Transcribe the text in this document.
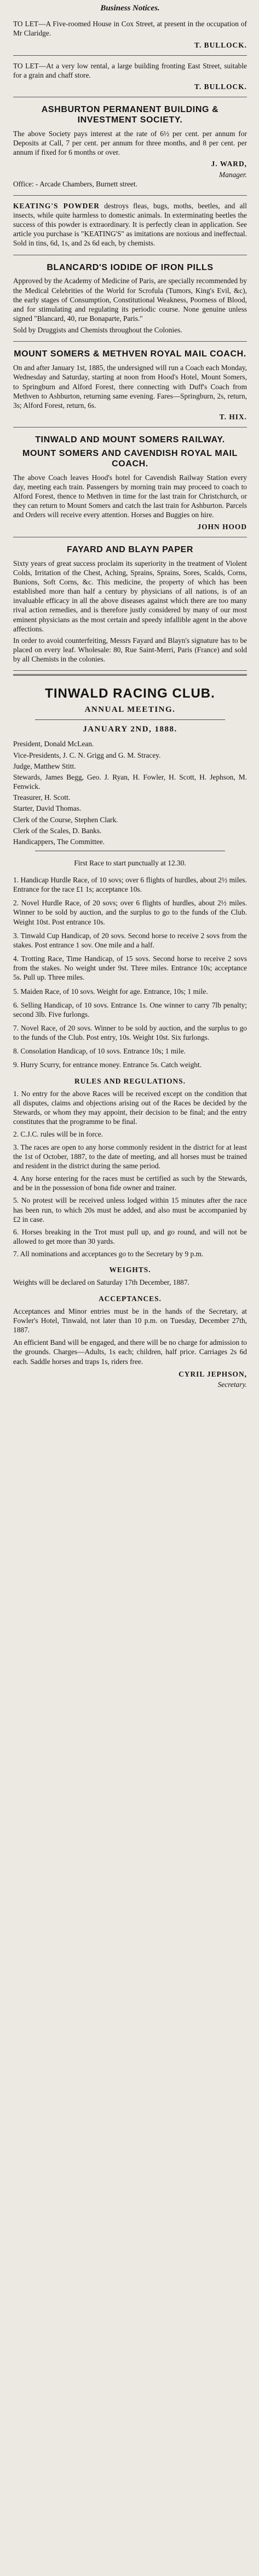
Business Notices.

TO LET—A Five-roomed House in Cox Street, at present in the occupation of Mr Claridge.

T. BULLOCK.

TO LET—At a very low rental, a large building fronting East Street, suitable for a grain and chaff store.

T. BULLOCK.
ASHBURTON PERMANENT BUILDING & INVESTMENT SOCIETY.

The above Society pays interest at the rate of 6½ per cent. per annum for Deposits at Call, 7 per cent. per annum for three months, and 8 per cent. per annum if fixed for 6 months or over.

J. WARD,
Manager.

Office: - Arcade Chambers, Burnett street.

KEATING'S POWDER destroys fleas, bugs, moths, beetles, and all insects, while quite harmless to domestic animals. In exterminating beetles the success of this powder is extraordinary. It is perfectly clean in application. See article you purchase is "KEATING'S" as imitations are noxious and ineffectual. Sold in tins, 6d, 1s, and 2s 6d each, by chemists.

BLANCARD'S IODIDE OF IRON PILLS

Approved by the Academy of Medicine of Paris, are specially recommended by the Medical Celebrities of the World for Scrofula (Tumors, King's Evil, &c), the early stages of Consumption, Constitutional Weakness, Poorness of Blood, and for stimulating and regulating its periodic course. None genuine unless signed "Blancard, 40, rue Bonaparte, Paris."

Sold by Druggists and Chemists throughout the Colonies.

MOUNT SOMERS & METHVEN ROYAL MAIL COACH.

On and after January 1st, 1885, the undersigned will run a Coach each Monday, Wednesday and Saturday, starting at noon from Hood's Hotel, Mount Somers, to Springburn and Alford Forest, there connecting with Duff's Coach from Methven to Ashburton, returning same evening. Fares—Springburn, 2s, return, 3s; Alford Forest, return, 6s.

T. HIX.
TINWALD AND MOUNT SOMERS RAILWAY.
MOUNT SOMERS AND CAVENDISH ROYAL MAIL COACH.

The above Coach leaves Hood's hotel for Cavendish Railway Station every day, meeting each train. Passengers by morning train may proceed to coach to Alford Forest, thence to Methven in time for the last train for Christchurch, or they can return to Mount Somers and catch the last train for Ashburton. Parcels and Orders will receive every attention. Horses and Buggies on hire.

JOHN HOOD
FAYARD AND BLAYN PAPER

Sixty years of great success proclaim its superiority in the treatment of Violent Colds, Irritation of the Chest, Aching, Sprains, Sprains, Sores, Scalds, Corns, Bunions, Soft Corns, &c. This medicine, the property of which has been established more than half a century by physicians of all nations, is of an invaluable efficacy in all the above diseases against which there are too many rival action remedies, and is therefore justly considered by many of our most eminent physicians as the most certain and speedy infallible agent in the above affections.

In order to avoid counterfeiting, Messrs Fayard and Blayn's signature has to be placed on every leaf. Wholesale: 80, Rue Saint-Merri, Paris (France) and sold by all Chemists in the colonies.

TINWALD RACING CLUB.
ANNUAL MEETING.
JANUARY 2ND, 1888.

President, Donald McLean.

Vice-Presidents, J. C. N. Grigg and G. M. Stracey.

Judge, Matthew Stitt.

Stewards, James Begg, Geo. J. Ryan, H. Fowler, H. Scott, H. Jephson, M. Fenwick.

Treasurer, H. Scott.

Starter, David Thomas.

Clerk of the Course, Stephen Clark.

Clerk of the Scales, D. Banks.

Handicappers, The Committee.

First Race to start punctually at 12.30.

1. Handicap Hurdle Race, of 10 sovs; over 6 flights of hurdles, about 2½ miles. Entrance for the race £1 1s; acceptance 10s.

2. Novel Hurdle Race, of 20 sovs; over 6 flights of hurdles, about 2½ miles. Winner to be sold by auction, and the surplus to go to the funds of the Club. Weight 10st. Post entrance 10s.

3. Tinwald Cup Handicap, of 20 sovs. Second horse to receive 2 sovs from the stakes. Post entrance 1 sov. One mile and a half.

4. Trotting Race, Time Handicap, of 15 sovs. Second horse to receive 2 sovs from the stakes. No weight under 9st. Three miles. Entrance 10s; acceptance 5s. Pull up. Three miles.

5. Maiden Race, of 10 sovs. Weight for age. Entrance, 10s; 1 mile.

6. Selling Handicap, of 10 sovs. Entrance 1s. One winner to carry 7lb penalty; second 3lb. Five furlongs.

7. Novel Race, of 20 sovs. Winner to be sold by auction, and the surplus to go to the funds of the Club. Post entry, 10s. Weight 10st. Six furlongs.

8. Consolation Handicap, of 10 sovs. Entrance 10s; 1 mile.

9. Hurry Scurry, for entrance money. Entrance 5s. Catch weight.

RULES AND REGULATIONS.

1. No entry for the above Races will be received except on the condition that all disputes, claims and objections arising out of the Races be decided by the Stewards, or whom they may appoint, their decision to be final; and the entry constitutes that the programme to be final.

2. C.J.C. rules will be in force.

3. The races are open to any horse commonly resident in the district for at least the 1st of October, 1887, to the date of meeting, and all horses must be trained and resident in the district during the same period.

4. Any horse entering for the races must be certified as such by the Stewards, and be in the possession of bona fide owner and trainer.

5. No protest will be received unless lodged within 15 minutes after the race has been run, to which 20s must be added, and also must be accompanied by £2 in case.

6. Horses breaking in the Trot must pull up, and go round, and will not be allowed to get more than 30 yards.

7. All nominations and acceptances go to the Secretary by 9 p.m.

WEIGHTS.

Weights will be declared on Saturday 17th December, 1887.

ACCEPTANCES.

Acceptances and Minor entries must be in the hands of the Secretary, at Fowler's Hotel, Tinwald, not later than 10 p.m. on Tuesday, December 27th, 1887.

An efficient Band will be engaged, and there will be no charge for admission to the grounds. Charges—Adults, 1s each; children, half price. Carriages 2s 6d each. Saddle horses and traps 1s, riders free.

CYRIL JEPHSON,
Secretary.
